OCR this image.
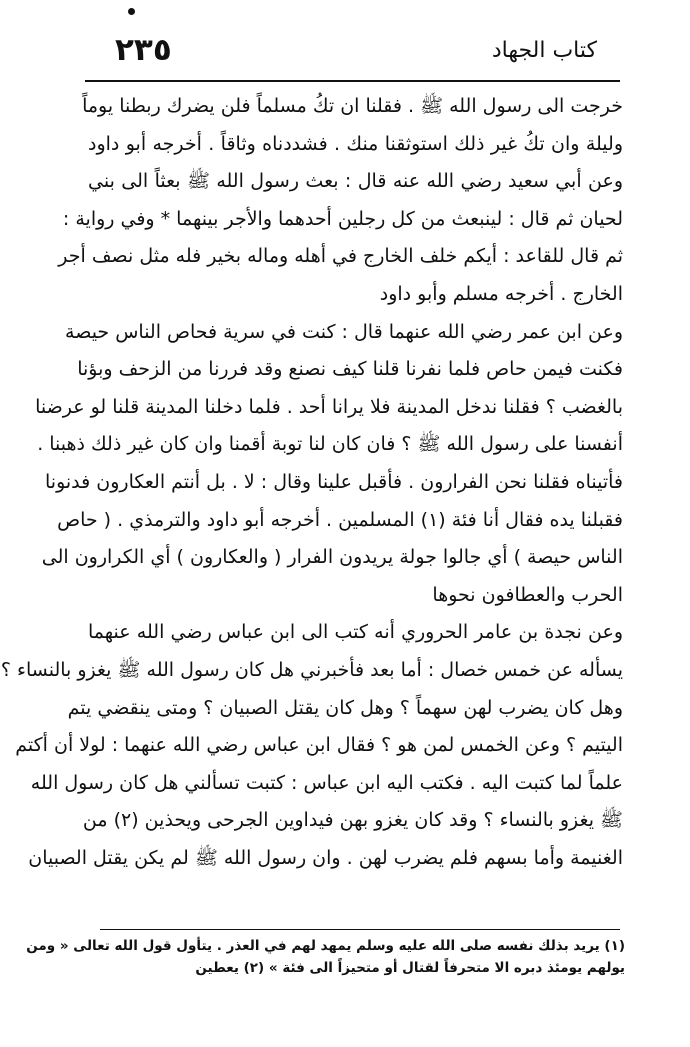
٢٣٥	كتاب الجهاد
خرجت الى رسول الله ﷺ . فقلنا ان تكُ مسلماً فلن يضرك ربطنا يوماً
وليلة وان تكُ غير ذلك استوثقنا منك . فشددناه وثاقاً . أخرجه أبو داود
وعن أبي سعيد رضي الله عنه قال : بعث رسول الله ﷺ بعثاً الى بني
لحيان ثم قال : لينبعث من كل رجلين أحدهما والأجر بينهما * وفي رواية :
ثم قال للقاعد : أيكم خلف الخارج في أهله وماله بخير فله مثل نصف أجر
الخارج . أخرجه مسلم وأبو داود
وعن ابن عمر رضي الله عنهما قال : كنت في سرية فحاص الناس حيصة
فكنت فيمن حاص فلما نفرنا قلنا كيف نصنع وقد فررنا من الزحف وبؤنا
بالغضب ؟ فقلنا ندخل المدينة فلا يرانا أحد . فلما دخلنا المدينة قلنا لو عرضنا
أنفسنا على رسول الله ﷺ ؟ فان كان لنا توبة أقمنا وان كان غير ذلك ذهبنا .
فأتيناه فقلنا نحن الفرارون . فأقبل علينا وقال : لا . بل أنتم العكارون فدنونا
فقبلنا يده فقال أنا فئة (١) المسلمين . أخرجه أبو داود والترمذي . ( حاص
الناس حيصة ) أي جالوا جولة يريدون الفرار ( والعكارون ) أي الكرارون الى
الحرب والعطافون نحوها
وعن نجدة بن عامر الحروري أنه كتب الى ابن عباس رضي الله عنهما
يسأله عن خمس خصال : أما بعد فأخبرني هل كان رسول الله ﷺ يغزو بالنساء ؟
وهل كان يضرب لهن سهماً ؟ وهل كان يقتل الصبيان ؟ ومتى ينقضي يتم
اليتيم ؟ وعن الخمس لمن هو ؟ فقال ابن عباس رضي الله عنهما : لولا أن أكتم
علماً لما كتبت اليه . فكتب اليه ابن عباس : كتبت تسألني هل كان رسول الله
ﷺ يغزو بالنساء ؟ وقد كان يغزو بهن فيداوين الجرحى ويحذين (٢) من
الغنيمة وأما بسهم فلم يضرب لهن . وان رسول الله ﷺ لم يكن يقتل الصبيان
(١) يريد بذلك نفسه صلى الله عليه وسلم يمهد لهم في العذر . يتأول قول الله تعالى « ومن
يولهم يومئذ دبره الا متحرفاً لقتال أو متحيزاً الى فئة » (٢) يعطين
